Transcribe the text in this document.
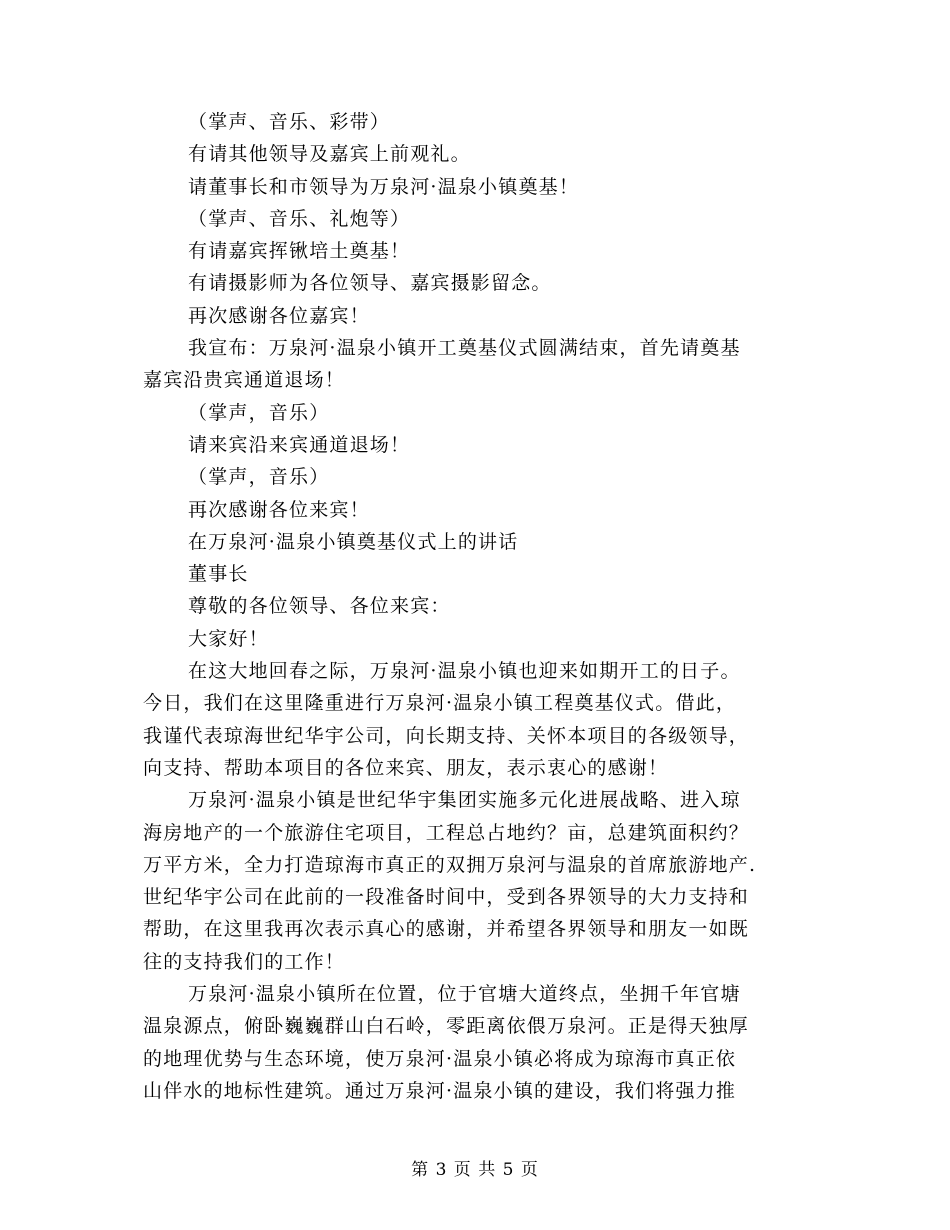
（掌声、音乐、彩带）
有请其他领导及嘉宾上前观礼。
请董事长和市领导为万泉河·温泉小镇奠基！
（掌声、音乐、礼炮等）
有请嘉宾挥锹培土奠基！
有请摄影师为各位领导、嘉宾摄影留念。
再次感谢各位嘉宾！
我宣布：万泉河·温泉小镇开工奠基仪式圆满结束，首先请奠基
嘉宾沿贵宾通道退场！
（掌声，音乐）
请来宾沿来宾通道退场！
（掌声，音乐）
再次感谢各位来宾！
在万泉河·温泉小镇奠基仪式上的讲话
董事长
尊敬的各位领导、各位来宾：
大家好！
在这大地回春之际，万泉河·温泉小镇也迎来如期开工的日子。
今日，我们在这里隆重进行万泉河·温泉小镇工程奠基仪式。借此，
我谨代表琼海世纪华宇公司，向长期支持、关怀本项目的各级领导，
向支持、帮助本项目的各位来宾、朋友，表示衷心的感谢！
万泉河·温泉小镇是世纪华宇集团实施多元化进展战略、进入琼
海房地产的一个旅游住宅项目，工程总占地约？亩，总建筑面积约？
万平方米，全力打造琼海市真正的双拥万泉河与温泉的首席旅游地产.
世纪华宇公司在此前的一段准备时间中，受到各界领导的大力支持和
帮助，在这里我再次表示真心的感谢，并希望各界领导和朋友一如既
往的支持我们的工作！
万泉河·温泉小镇所在位置，位于官塘大道终点，坐拥千年官塘
温泉源点，俯卧巍巍群山白石岭，零距离依偎万泉河。正是得天独厚
的地理优势与生态环境，使万泉河·温泉小镇必将成为琼海市真正依
山伴水的地标性建筑。通过万泉河·温泉小镇的建设，我们将强力推
第 3 页 共 5 页
